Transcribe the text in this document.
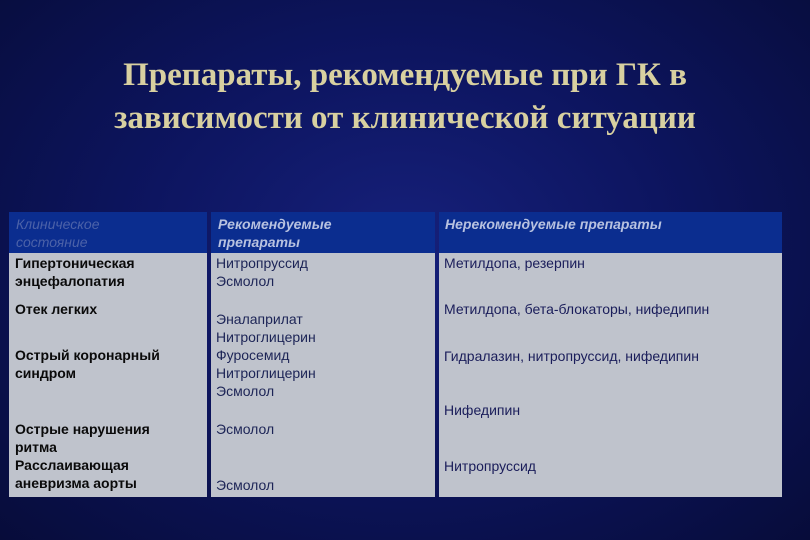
Препараты, рекомендуемые при ГК в
зависимости от клинической ситуации
Клиническое
состояние
Рекомендуемые
препараты
Нерекомендуемые препараты
Гипертоническая
энцефалопатия
Отек легких
Острый коронарный
синдром
Острые нарушения
ритма
Расслаивающая
аневризма аорты
Нитропруссид
Эсмолол
Эналаприлат
Нитроглицерин
Фуросемид
Нитроглицерин
Эсмолол
Эсмолол
Эсмолол
Метилдопа, резерпин
Метилдопа, бета-блокаторы, нифедипин
Гидралазин, нитропруссид, нифедипин
Нифедипин
Нитропруссид
